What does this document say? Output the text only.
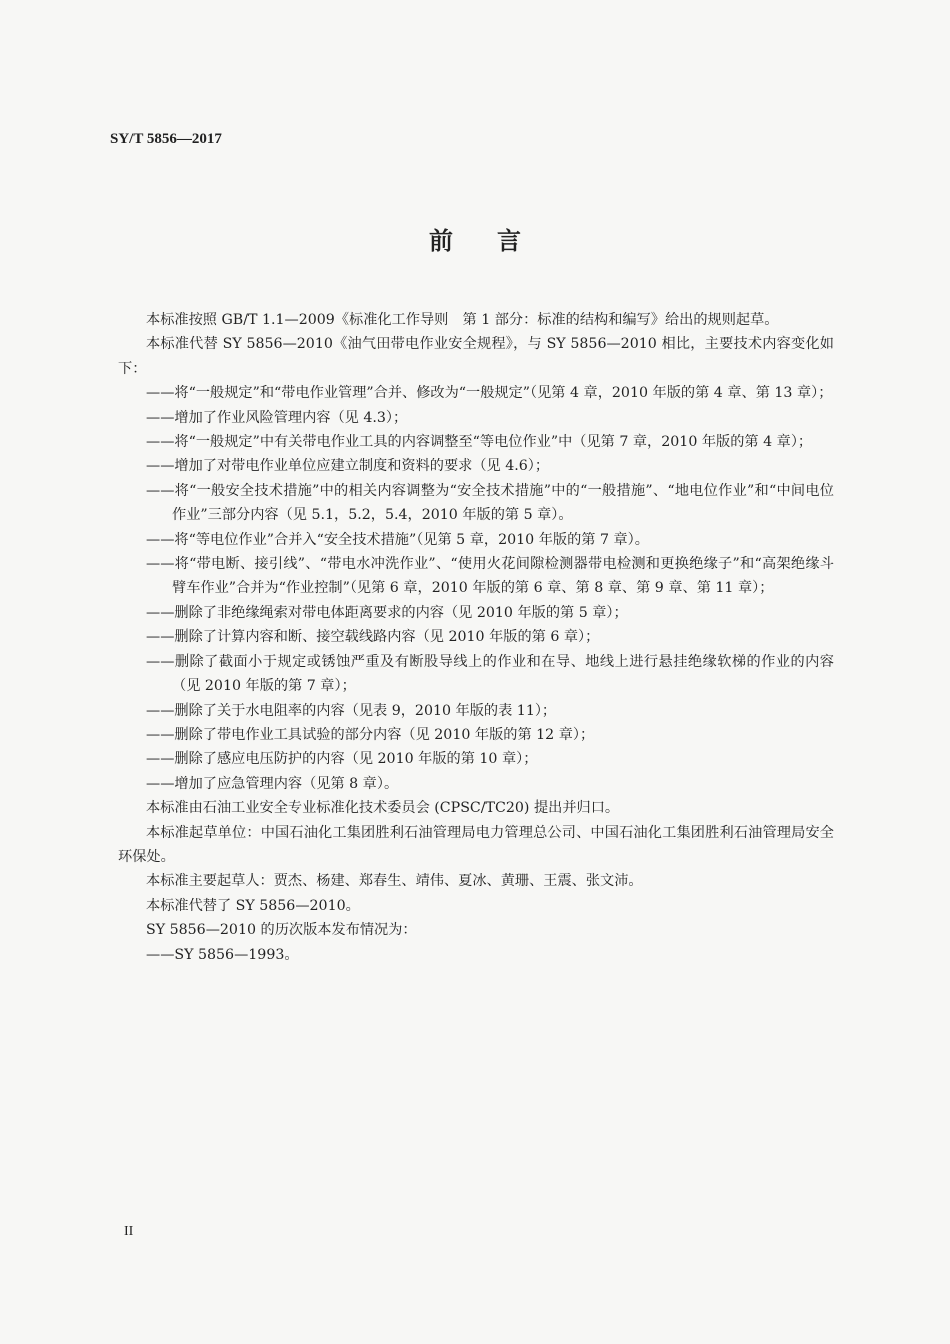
SY/T 5856—2017
前 言

本标准按照 GB/T 1.1—2009《标准化工作导则　第 1 部分：标准的结构和编写》给出的规则起草。

本标准代替 SY 5856—2010《油气田带电作业安全规程》，与 SY 5856—2010 相比，主要技术内容变化如下：

——将“一般规定”和“带电作业管理”合并、修改为“一般规定”（见第 4 章，2010 年版的第 4 章、第 13 章）；

——增加了作业风险管理内容（见 4.3）；

——将“一般规定”中有关带电作业工具的内容调整至“等电位作业”中（见第 7 章，2010 年版的第 4 章）；

——增加了对带电作业单位应建立制度和资料的要求（见 4.6）；

——将“一般安全技术措施”中的相关内容调整为“安全技术措施”中的“一般措施”、“地电位作业”和“中间电位作业”三部分内容（见 5.1，5.2，5.4，2010 年版的第 5 章）。

——将“等电位作业”合并入“安全技术措施”（见第 5 章，2010 年版的第 7 章）。

——将“带电断、接引线”、“带电水冲洗作业”、“使用火花间隙检测器带电检测和更换绝缘子”和“高架绝缘斗臂车作业”合并为“作业控制”（见第 6 章，2010 年版的第 6 章、第 8 章、第 9 章、第 11 章）；

——删除了非绝缘绳索对带电体距离要求的内容（见 2010 年版的第 5 章）；

——删除了计算内容和断、接空载线路内容（见 2010 年版的第 6 章）；

——删除了截面小于规定或锈蚀严重及有断股导线上的作业和在导、地线上进行悬挂绝缘软梯的作业的内容（见 2010 年版的第 7 章）；

——删除了关于水电阻率的内容（见表 9，2010 年版的表 11）；

——删除了带电作业工具试验的部分内容（见 2010 年版的第 12 章）；

——删除了感应电压防护的内容（见 2010 年版的第 10 章）；

——增加了应急管理内容（见第 8 章）。

本标准由石油工业安全专业标准化技术委员会 (CPSC/TC20) 提出并归口。

本标准起草单位：中国石油化工集团胜利石油管理局电力管理总公司、中国石油化工集团胜利石油管理局安全环保处。

本标准主要起草人：贾杰、杨建、郑春生、靖伟、夏冰、黄珊、王震、张文沛。

本标准代替了 SY 5856—2010。

SY 5856—2010 的历次版本发布情况为：

——SY 5856—1993。

II
